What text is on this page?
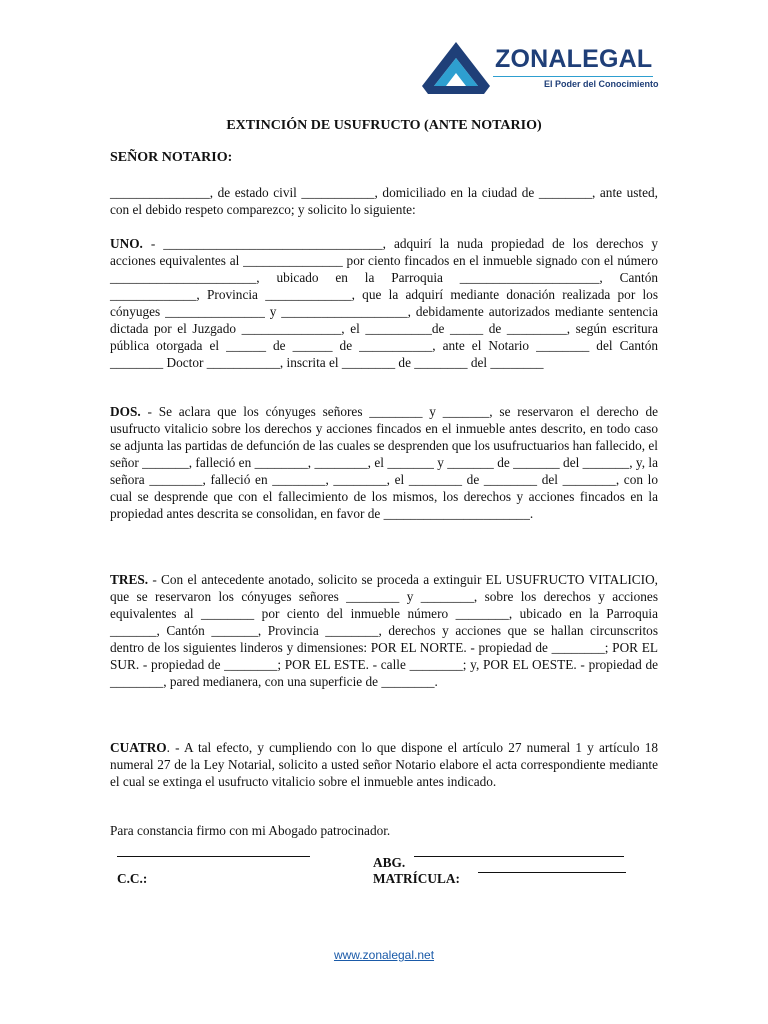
ZONALEGAL
El Poder del Conocimiento
EXTINCIÓN DE USUFRUCTO (ANTE NOTARIO)
SEÑOR NOTARIO:

_______________, de estado civil ___________, domiciliado en la ciudad de ________, ante usted, con el debido respeto comparezco; y solicito lo siguiente:

UNO. - _________________________________, adquirí la nuda propiedad de los derechos y acciones equivalentes al _______________ por ciento fincados en el inmueble signado con el número ______________________, ubicado en la Parroquia _____________________, Cantón _____________, Provincia _____________, que la adquirí mediante donación realizada por los cónyuges _______________ y ___________________, debidamente autorizados mediante sentencia dictada por el Juzgado _______________, el __________de _____ de _________, según escritura pública otorgada el ______ de ______ de ___________, ante el Notario ________ del Cantón ________ Doctor ___________, inscrita el ________ de ________ del ________

DOS. - Se aclara que los cónyuges señores ________ y _______, se reservaron el derecho de usufructo vitalicio sobre los derechos y acciones fincados en el inmueble antes descrito, en todo caso se adjunta las partidas de defunción de las cuales se desprenden que los usufructuarios han fallecido, el señor _______, falleció en ________, ________, el _______ y _______ de _______ del _______, y, la señora ________, falleció en ________, ________, el ________ de ________ del ________, con lo cual se desprende que con el fallecimiento de los mismos, los derechos y acciones fincados en la propiedad antes descrita se consolidan, en favor de ______________________.

TRES. - Con el antecedente anotado, solicito se proceda a extinguir EL USUFRUCTO VITALICIO, que se reservaron los cónyuges señores ________ y ________, sobre los derechos y acciones equivalentes al ________ por ciento del inmueble número ________, ubicado en la Parroquia _______, Cantón _______, Provincia ________, derechos y acciones que se hallan circunscritos dentro de los siguientes linderos y dimensiones: POR EL NORTE. - propiedad de ________; POR EL SUR. - propiedad de ________; POR EL ESTE. - calle ________; y, POR EL OESTE. - propiedad de ________, pared medianera, con una superficie de ________.

CUATRO. - A tal efecto, y cumpliendo con lo que dispone el artículo 27 numeral 1 y artículo 18 numeral 27 de la Ley Notarial, solicito a usted señor Notario elabore el acta correspondiente mediante el cual se extinga el usufructo vitalicio sobre el inmueble antes indicado.

Para constancia firmo con mi Abogado patrocinador.

C.C.:
ABG.
MATRÍCULA:
www.zonalegal.net
